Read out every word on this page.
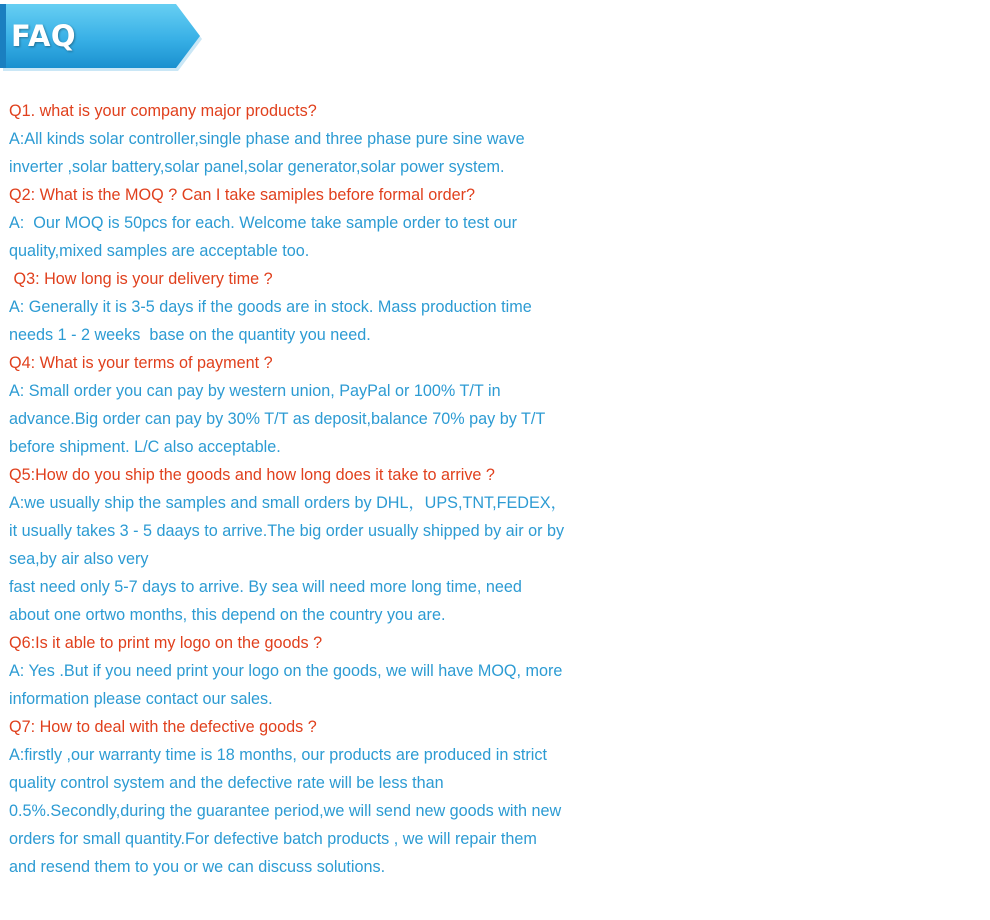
FAQ
Q1. what is your company major products?
A:All kinds solar controller,single phase and three phase pure sine wave
inverter ,solar battery,solar panel,solar generator,solar power system.
Q2: What is the MOQ ? Can I take samiples before formal order?
A:  Our MOQ is 50pcs for each. Welcome take sample order to test our
quality,mixed samples are acceptable too.
Q3: How long is your delivery time ?
A: Generally it is 3-5 days if the goods are in stock. Mass production time
needs 1 - 2 weeks  base on the quantity you need.
Q4: What is your terms of payment ?
A: Small order you can pay by western union, PayPal or 100% T/T in
advance.Big order can pay by 30% T/T as deposit,balance 70% pay by T/T
before shipment. L/C also acceptable.
Q5:How do you ship the goods and how long does it take to arrive ?
A:we usually ship the samples and small orders by DHL，UPS,TNT,FEDEX，
it usually takes 3 - 5 daays to arrive.The big order usually shipped by air or by
sea,by air also very
fast need only 5-7 days to arrive. By sea will need more long time, need
about one ortwo months, this depend on the country you are.
Q6:Is it able to print my logo on the goods ?
A: Yes .But if you need print your logo on the goods, we will have MOQ, more
information please contact our sales.
Q7: How to deal with the defective goods ?
A:firstly ,our warranty time is 18 months, our products are produced in strict
quality control system and the defective rate will be less than
0.5%.Secondly,during the guarantee period,we will send new goods with new
orders for small quantity.For defective batch products , we will repair them
and resend them to you or we can discuss solutions.
